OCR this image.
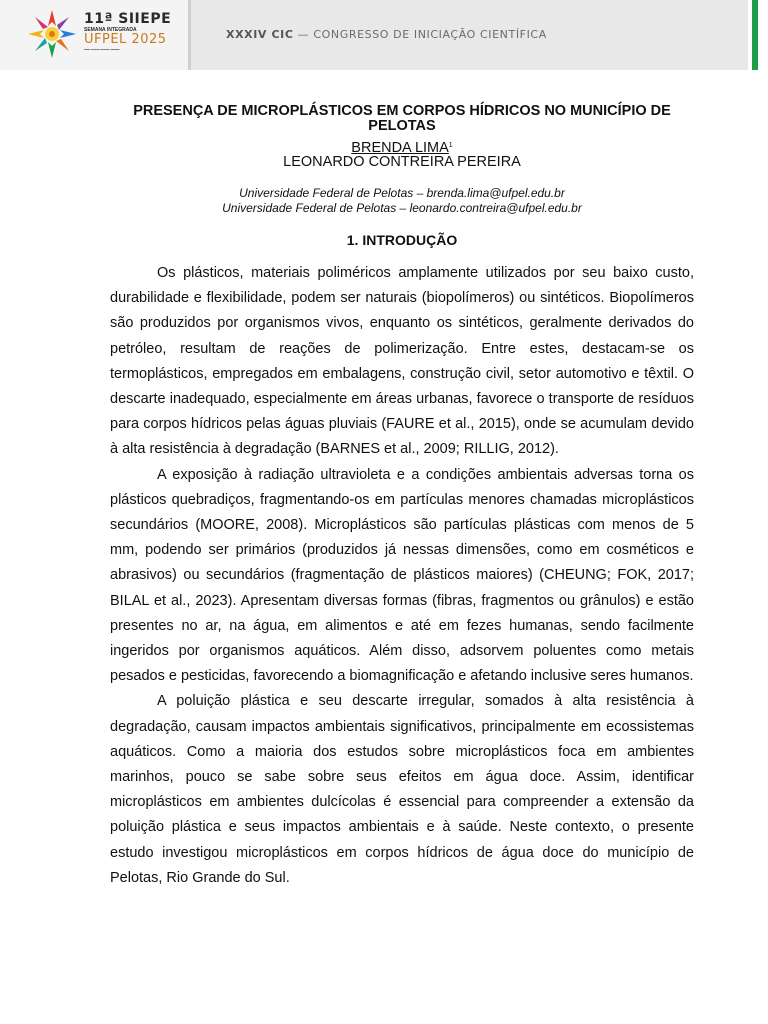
11ª SIIEPE
SEMANA INTEGRADA
UFPEL 2025
▬▬ ▬▬▬ ▬▬▬ ▬▬▬
XXXIV CIC — CONGRESSO DE INICIAÇÃO CIENTÍFICA
PRESENÇA DE MICROPLÁSTICOS EM CORPOS HÍDRICOS NO MUNICÍPIO DE PELOTAS
BRENDA LIMA$^1$
LEONARDO CONTREIRA PEREIRA
Universidade Federal de Pelotas – brenda.lima@ufpel.edu.br
Universidade Federal de Pelotas – leonardo.contreira@ufpel.edu.br
1. INTRODUÇÃO

Os plásticos, materiais poliméricos amplamente utilizados por seu baixo custo, durabilidade e flexibilidade, podem ser naturais (biopolímeros) ou sintéticos. Biopolímeros são produzidos por organismos vivos, enquanto os sintéticos, geralmente derivados do petróleo, resultam de reações de polimerização. Entre estes, destacam-se os termoplásticos, empregados em embalagens, construção civil, setor automotivo e têxtil. O descarte inadequado, especialmente em áreas urbanas, favorece o transporte de resíduos para corpos hídricos pelas águas pluviais (FAURE et al., 2015), onde se acumulam devido à alta resistência à degradação (BARNES et al., 2009; RILLIG, 2012).

A exposição à radiação ultravioleta e a condições ambientais adversas torna os plásticos quebradiços, fragmentando-os em partículas menores chamadas microplásticos secundários (MOORE, 2008). Microplásticos são partículas plásticas com menos de 5 mm, podendo ser primários (produzidos já nessas dimensões, como em cosméticos e abrasivos) ou secundários (fragmentação de plásticos maiores) (CHEUNG; FOK, 2017; BILAL et al., 2023). Apresentam diversas formas (fibras, fragmentos ou grânulos) e estão presentes no ar, na água, em alimentos e até em fezes humanas, sendo facilmente ingeridos por organismos aquáticos. Além disso, adsorvem poluentes como metais pesados e pesticidas, favorecendo a biomagnificação e afetando inclusive seres humanos.

A poluição plástica e seu descarte irregular, somados à alta resistência à degradação, causam impactos ambientais significativos, principalmente em ecossistemas aquáticos. Como a maioria dos estudos sobre microplásticos foca em ambientes marinhos, pouco se sabe sobre seus efeitos em água doce. Assim, identificar microplásticos em ambientes dulcícolas é essencial para compreender a extensão da poluição plástica e seus impactos ambientais e à saúde. Neste contexto, o presente estudo investigou microplásticos em corpos hídricos de água doce do município de Pelotas, Rio Grande do Sul.
